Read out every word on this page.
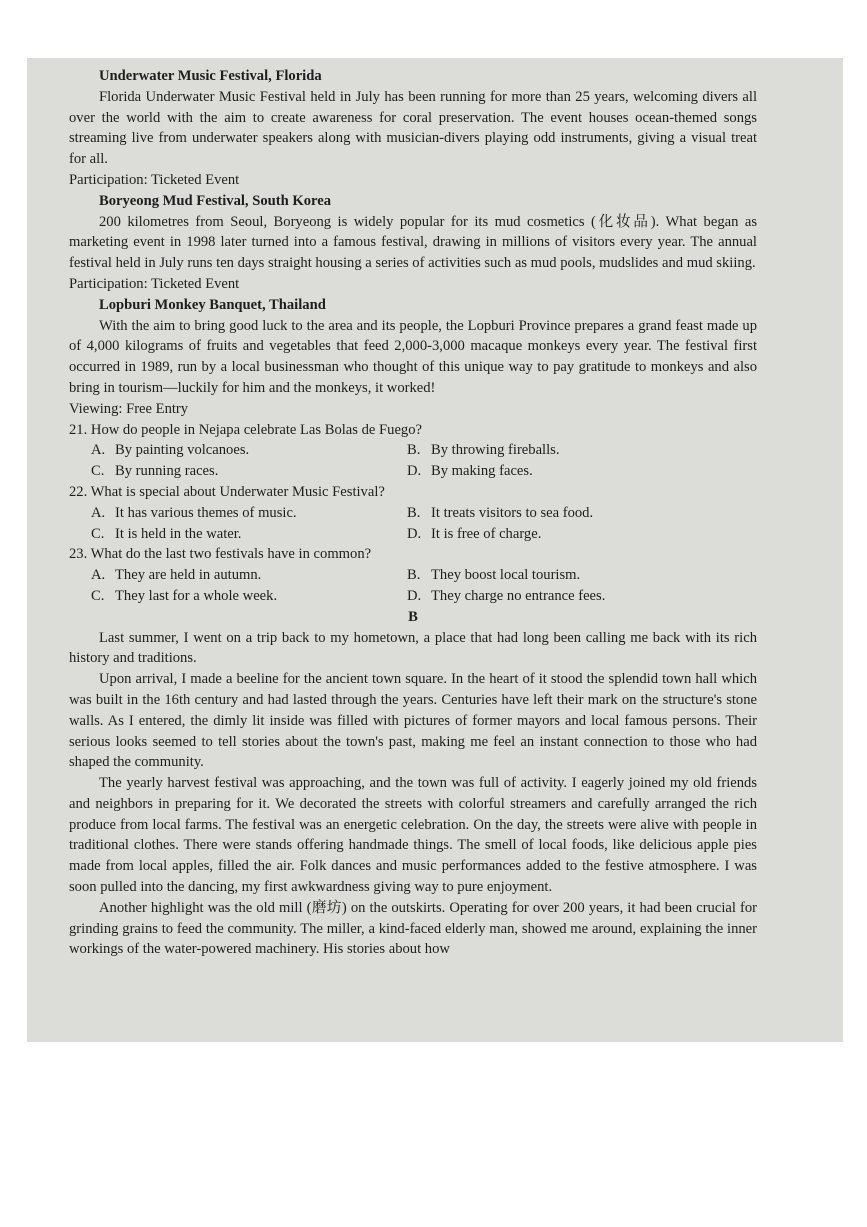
Underwater Music Festival, Florida

Florida Underwater Music Festival held in July has been running for more than 25 years, welcoming divers all over the world with the aim to create awareness for coral preservation. The event houses ocean-themed songs streaming live from underwater speakers along with musician-divers playing odd instruments, giving a visual treat for all.

Participation: Ticketed Event

Boryeong Mud Festival, South Korea

200 kilometres from Seoul, Boryeong is widely popular for its mud cosmetics (化妆品). What began as marketing event in 1998 later turned into a famous festival, drawing in millions of visitors every year. The annual festival held in July runs ten days straight housing a series of activities such as mud pools, mudslides and mud skiing.

Participation: Ticketed Event

Lopburi Monkey Banquet, Thailand

With the aim to bring good luck to the area and its people, the Lopburi Province prepares a grand feast made up of 4,000 kilograms of fruits and vegetables that feed 2,000-3,000 macaque monkeys every year. The festival first occurred in 1989, run by a local businessman who thought of this unique way to pay gratitude to monkeys and also bring in tourism—luckily for him and the monkeys, it worked!

Viewing: Free Entry

21. How do people in Nejapa celebrate Las Bolas de Fuego?

A. By painting volcanoes.	B. By throwing fireballs.
C. By running races.	D. By making faces.

22. What is special about Underwater Music Festival?

A. It has various themes of music.	B. It treats visitors to sea food.
C. It is held in the water.	D. It is free of charge.

23. What do the last two festivals have in common?

A. They are held in autumn.	B. They boost local tourism.
C. They last for a whole week.	D. They charge no entrance fees.

B

Last summer, I went on a trip back to my hometown, a place that had long been calling me back with its rich history and traditions.

Upon arrival, I made a beeline for the ancient town square. In the heart of it stood the splendid town hall which was built in the 16th century and had lasted through the years. Centuries have left their mark on the structure's stone walls. As I entered, the dimly lit inside was filled with pictures of former mayors and local famous persons. Their serious looks seemed to tell stories about the town's past, making me feel an instant connection to those who had shaped the community.

The yearly harvest festival was approaching, and the town was full of activity. I eagerly joined my old friends and neighbors in preparing for it. We decorated the streets with colorful streamers and carefully arranged the rich produce from local farms. The festival was an energetic celebration. On the day, the streets were alive with people in traditional clothes. There were stands offering handmade things. The smell of local foods, like delicious apple pies made from local apples, filled the air. Folk dances and music performances added to the festive atmosphere. I was soon pulled into the dancing, my first awkwardness giving way to pure enjoyment.

Another highlight was the old mill (磨坊) on the outskirts. Operating for over 200 years, it had been crucial for grinding grains to feed the community. The miller, a kind-faced elderly man, showed me around, explaining the inner workings of the water-powered machinery. His stories about how
